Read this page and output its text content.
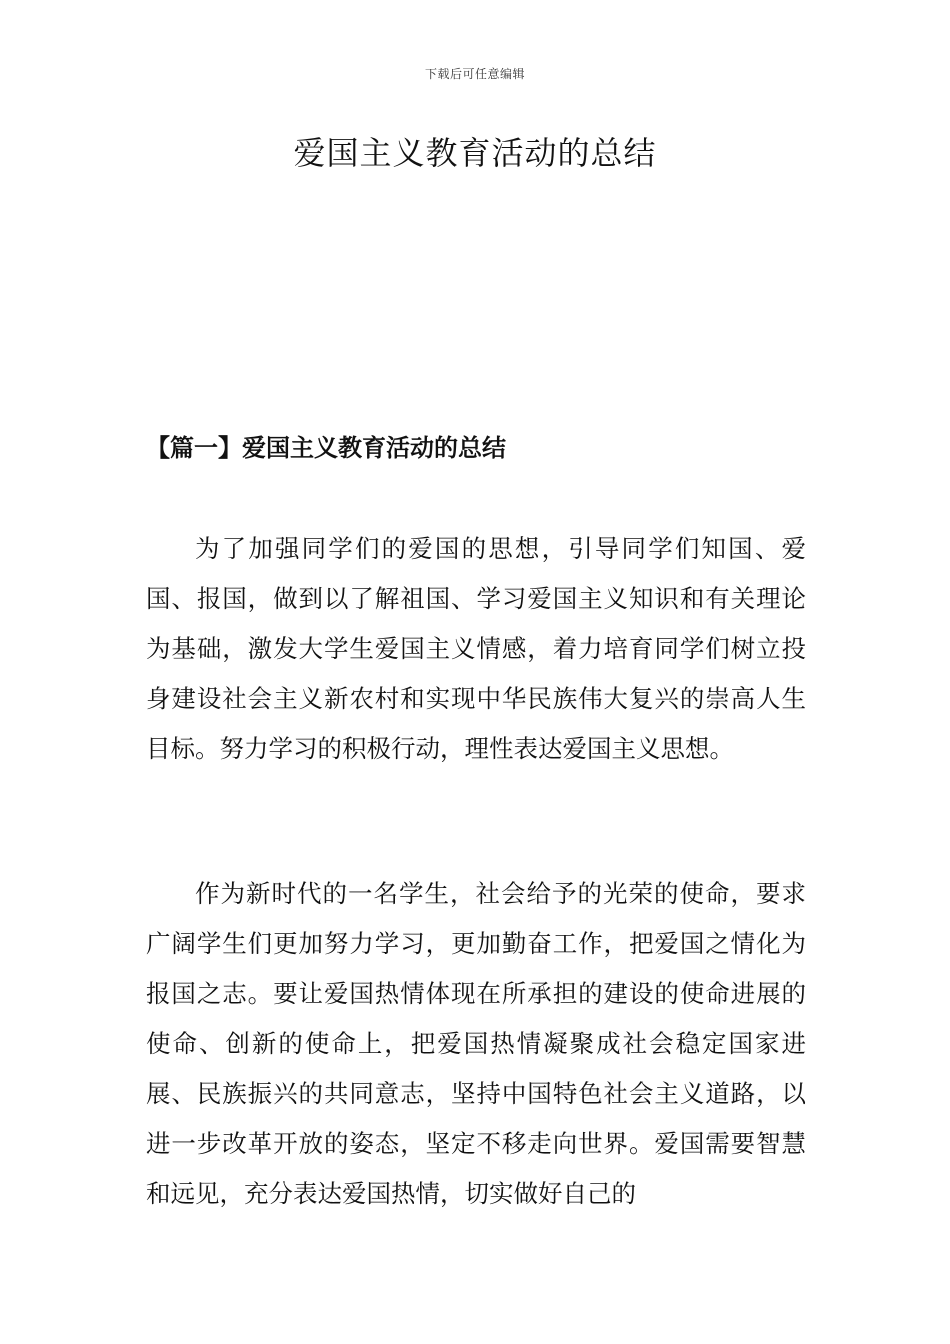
下载后可任意编辑
爱国主义教育活动的总结
【篇一】爱国主义教育活动的总结

为了加强同学们的爱国的思想，引导同学们知国、爱国、报国，做到以了解祖国、学习爱国主义知识和有关理论为基础，激发大学生爱国主义情感，着力培育同学们树立投身建设社会主义新农村和实现中华民族伟大复兴的崇高人生目标。努力学习的积极行动，理性表达爱国主义思想。

作为新时代的一名学生，社会给予的光荣的使命，要求广阔学生们更加努力学习，更加勤奋工作，把爱国之情化为报国之志。要让爱国热情体现在所承担的建设的使命进展的使命、创新的使命上，把爱国热情凝聚成社会稳定国家进展、民族振兴的共同意志，坚持中国特色社会主义道路，以进一步改革开放的姿态，坚定不移走向世界。爱国需要智慧和远见，充分表达爱国热情，切实做好自己的
